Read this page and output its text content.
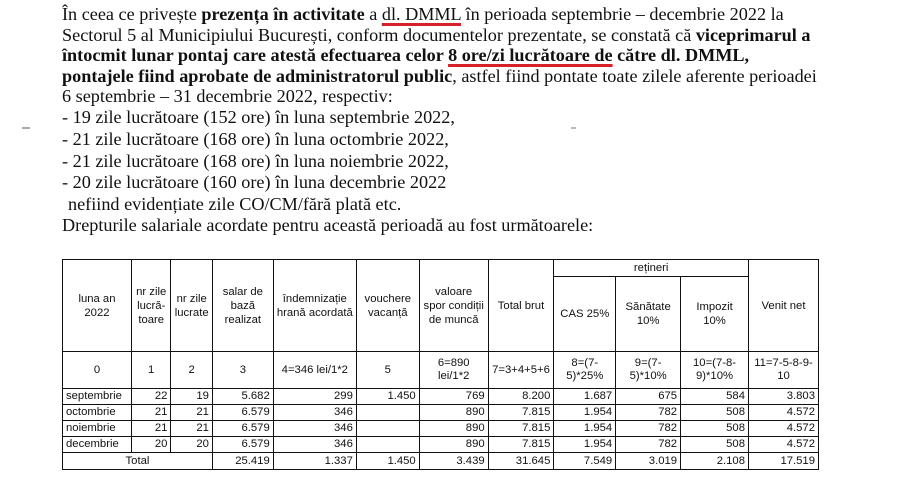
În ceea ce privește prezența în activitate a dl. DMML în perioada septembrie – decembrie 2022 la Sectorul 5 al Municipiului București, conform documentelor prezentate, se constată că viceprimarul a întocmit lunar pontaj care atestă efectuarea celor 8 ore/zi lucrătoare de către dl. DMML, pontajele fiind aprobate de administratorul public, astfel fiind pontate toate zilele aferente perioadei 6 septembrie – 31 decembrie 2022, respectiv:

- 19 zile lucrătoare (152 ore) în luna septembrie 2022,
- 21 zile lucrătoare (168 ore) în luna octombrie 2022,
- 21 zile lucrătoare (168 ore) în luna noiembrie 2022,
- 20 zile lucrătoare (160 ore) în luna decembrie 2022

nefiind evidențiate zile CO/CM/fără plată etc.

Drepturile salariale acordate pentru această perioadă au fost următoarele:

luna an 2022	nr zile lucră-toare	nr zile lucrate	salar de bază realizat	îndemnizație hrană acordată	vouchere vacanță	valoare spor condiții de muncă	Total brut	rețineri			Venit net
								CAS 25%	Sănătate 10%	Impozit 10%	
0	1	2	3	4=346 lei/1*2	5	6=890 lei/1*2	7=3+4+5+6	8=(7-5)*25%	9=(7-5)*10%	10=(7-8-9)*10%	11=7-5-8-9-10
septembrie	22	19	5.682	299	1.450	769	8.200	1.687	675	584	3.803
octombrie	21	21	6.579	346		890	7.815	1.954	782	508	4.572
noiembrie	21	21	6.579	346		890	7.815	1.954	782	508	4.572
decembrie	20	20	6.579	346		890	7.815	1.954	782	508	4.572
Total			25.419	1.337	1.450	3.439	31.645	7.549	3.019	2.108	17.519
